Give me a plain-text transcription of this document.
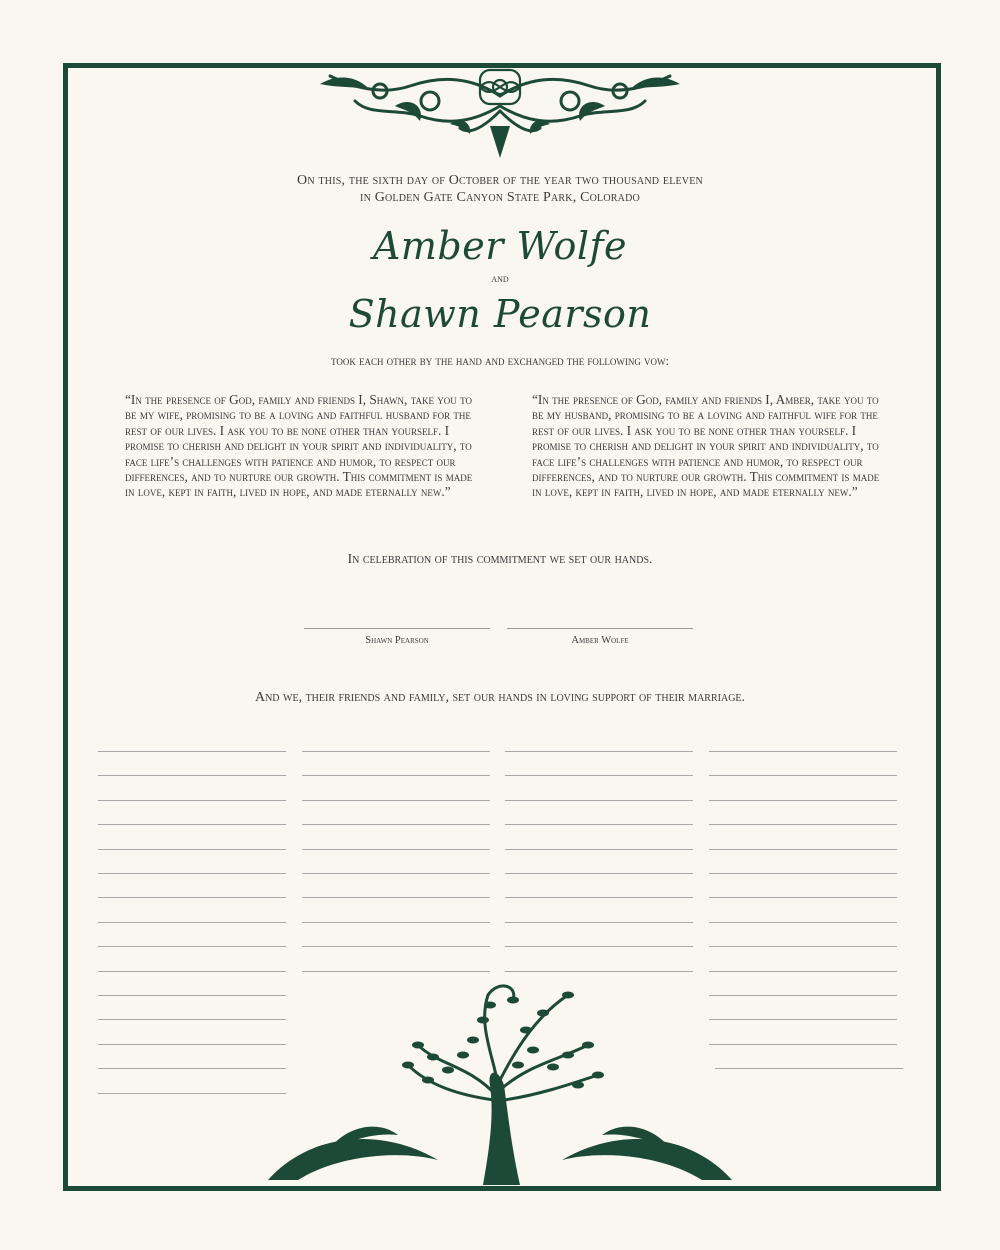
On this, the sixth day of October of the year two thousand eleven
in Golden Gate Canyon State Park, Colorado
Amber Wolfe
and
Shawn Pearson
took each other by the hand and exchanged the following vow:
“In the presence of God, family and friends I, Shawn, take you to be my wife, promising to be a loving and faithful husband for the rest of our lives. I ask you to be none other than yourself. I promise to cherish and delight in your spirit and individuality, to face life’s challenges with patience and humor, to respect our differences, and to nurture our growth. This commitment is made in love, kept in faith, lived in hope, and made eternally new.”
“In the presence of God, family and friends I, Amber, take you to be my husband, promising to be a loving and faithful wife for the rest of our lives. I ask you to be none other than yourself. I promise to cherish and delight in your spirit and individuality, to face life’s challenges with patience and humor, to respect our differences, and to nurture our growth. This commitment is made in love, kept in faith, lived in hope, and made eternally new.”
In celebration of this commitment we set our hands.
Shawn Pearson	Amber Wolfe
And we, their friends and family, set our hands in loving support of their marriage.
